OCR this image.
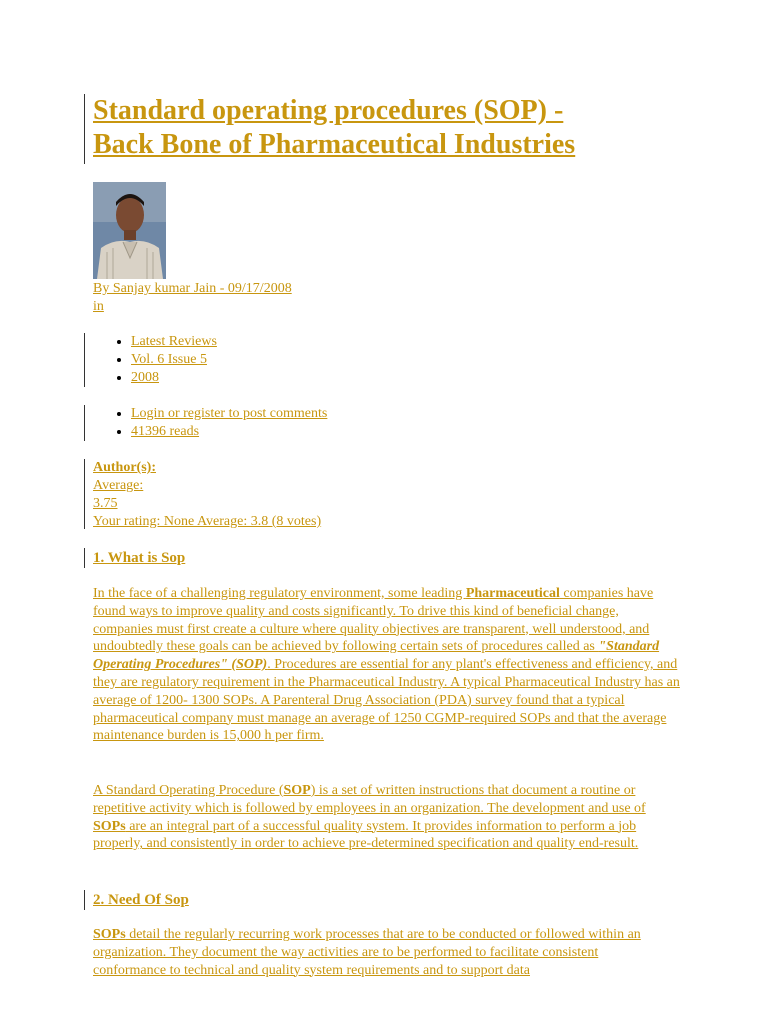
Standard operating procedures (SOP) -
Back Bone of Pharmaceutical Industries
By Sanjay kumar Jain - 09/17/2008
in
• Latest Reviews
• Vol. 6 Issue 5
• 2008
• Login or register to post comments
• 41396 reads
Author(s):
Average:
3.75
Your rating: None Average: 3.8 (8 votes)
1. What is Sop

In the face of a challenging regulatory environment, some leading Pharmaceutical companies have found ways to improve quality and costs significantly. To drive this kind of beneficial change, companies must first create a culture where quality objectives are transparent, well understood, and undoubtedly these goals can be achieved by following certain sets of procedures called as "Standard Operating Procedures" (SOP). Procedures are essential for any plant's effectiveness and efficiency, and they are regulatory requirement in the Pharmaceutical Industry. A typical Pharmaceutical Industry has an average of 1200- 1300 SOPs. A Parenteral Drug Association (PDA) survey found that a typical pharmaceutical company must manage an average of 1250 CGMP-required SOPs and that the average maintenance burden is 15,000 h per firm.

A Standard Operating Procedure (SOP) is a set of written instructions that document a routine or repetitive activity which is followed by employees in an organization. The development and use of SOPs are an integral part of a successful quality system. It provides information to perform a job properly, and consistently in order to achieve pre-determined specification and quality end-result.

2. Need Of Sop

SOPs detail the regularly recurring work processes that are to be conducted or followed within an organization. They document the way activities are to be performed to facilitate consistent conformance to technical and quality system requirements and to support data
